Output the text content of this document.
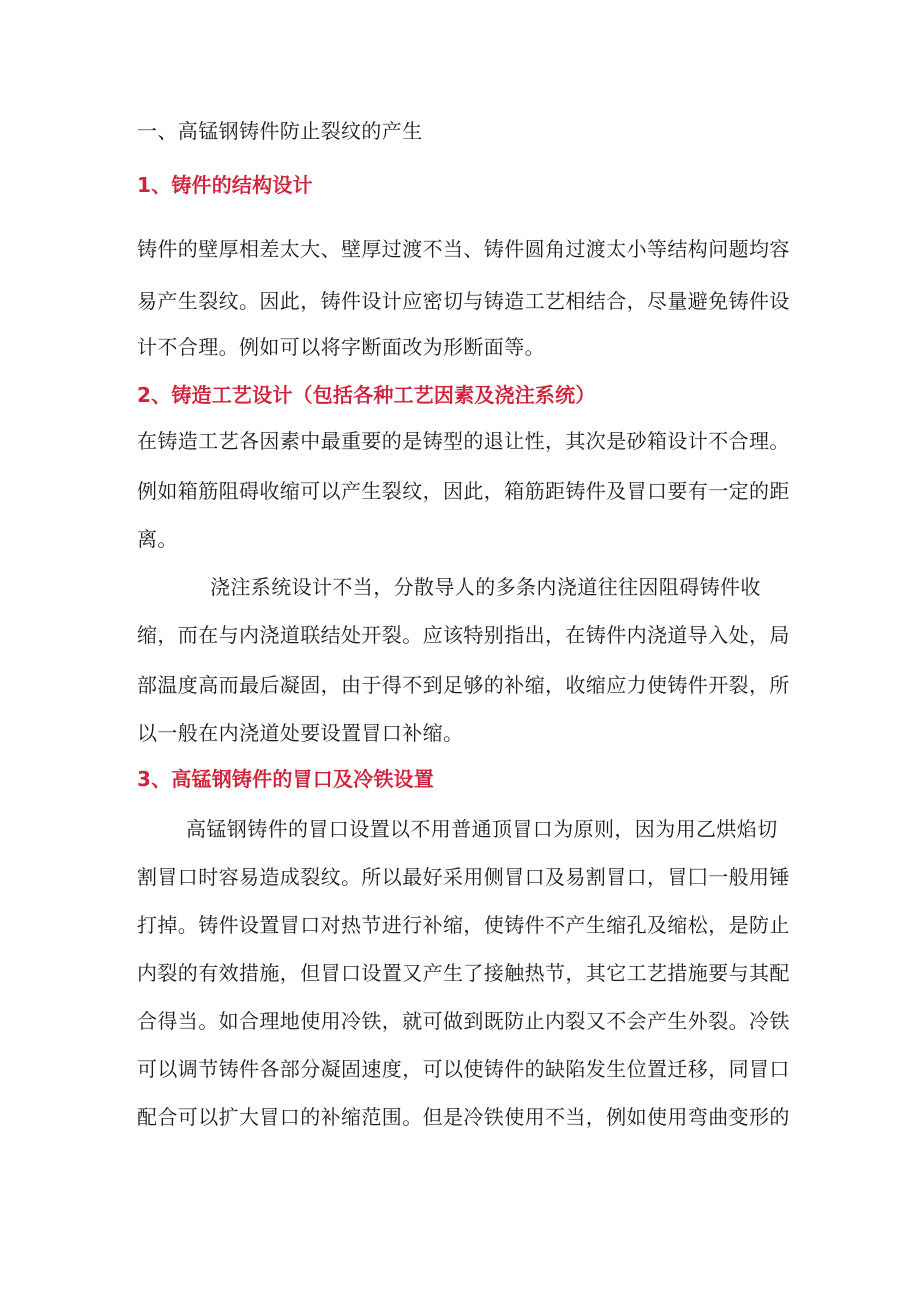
一、高锰钢铸件防止裂纹的产生
1、铸件的结构设计
铸件的壁厚相差太大、壁厚过渡不当、铸件圆角过渡太小等结构问题均容
易产生裂纹。因此，铸件设计应密切与铸造工艺相结合，尽量避免铸件设
计不合理。例如可以将字断面改为形断面等。
2、铸造工艺设计（包括各种工艺因素及浇注系统）
在铸造工艺各因素中最重要的是铸型的退让性，其次是砂箱设计不合理。
例如箱筋阻碍收缩可以产生裂纹，因此，箱筋距铸件及冒口要有一定的距
离。
浇注系统设计不当，分散导人的多条内浇道往往因阻碍铸件收
缩，而在与内浇道联结处开裂。应该特别指出，在铸件内浇道导入处，局
部温度高而最后凝固，由于得不到足够的补缩，收缩应力使铸件开裂，所
以一般在内浇道处要设置冒口补缩。
3、高锰钢铸件的冒口及冷铁设置
高锰钢铸件的冒口设置以不用普通顶冒口为原则，因为用乙烘焰切
割冒口时容易造成裂纹。所以最好采用侧冒口及易割冒口，冒囗一般用锤
打掉。铸件设置冒口对热节进行补缩，使铸件不产生缩孔及缩松，是防止
内裂的有效措施，但冒口设置又产生了接触热节，其它工艺措施要与其配
合得当。如合理地使用冷铁，就可做到既防止内裂又不会产生外裂。冷铁
可以调节铸件各部分凝固速度，可以使铸件的缺陷发生位置迁移，同冒口
配合可以扩大冒口的补缩范围。但是冷铁使用不当，例如使用弯曲变形的
